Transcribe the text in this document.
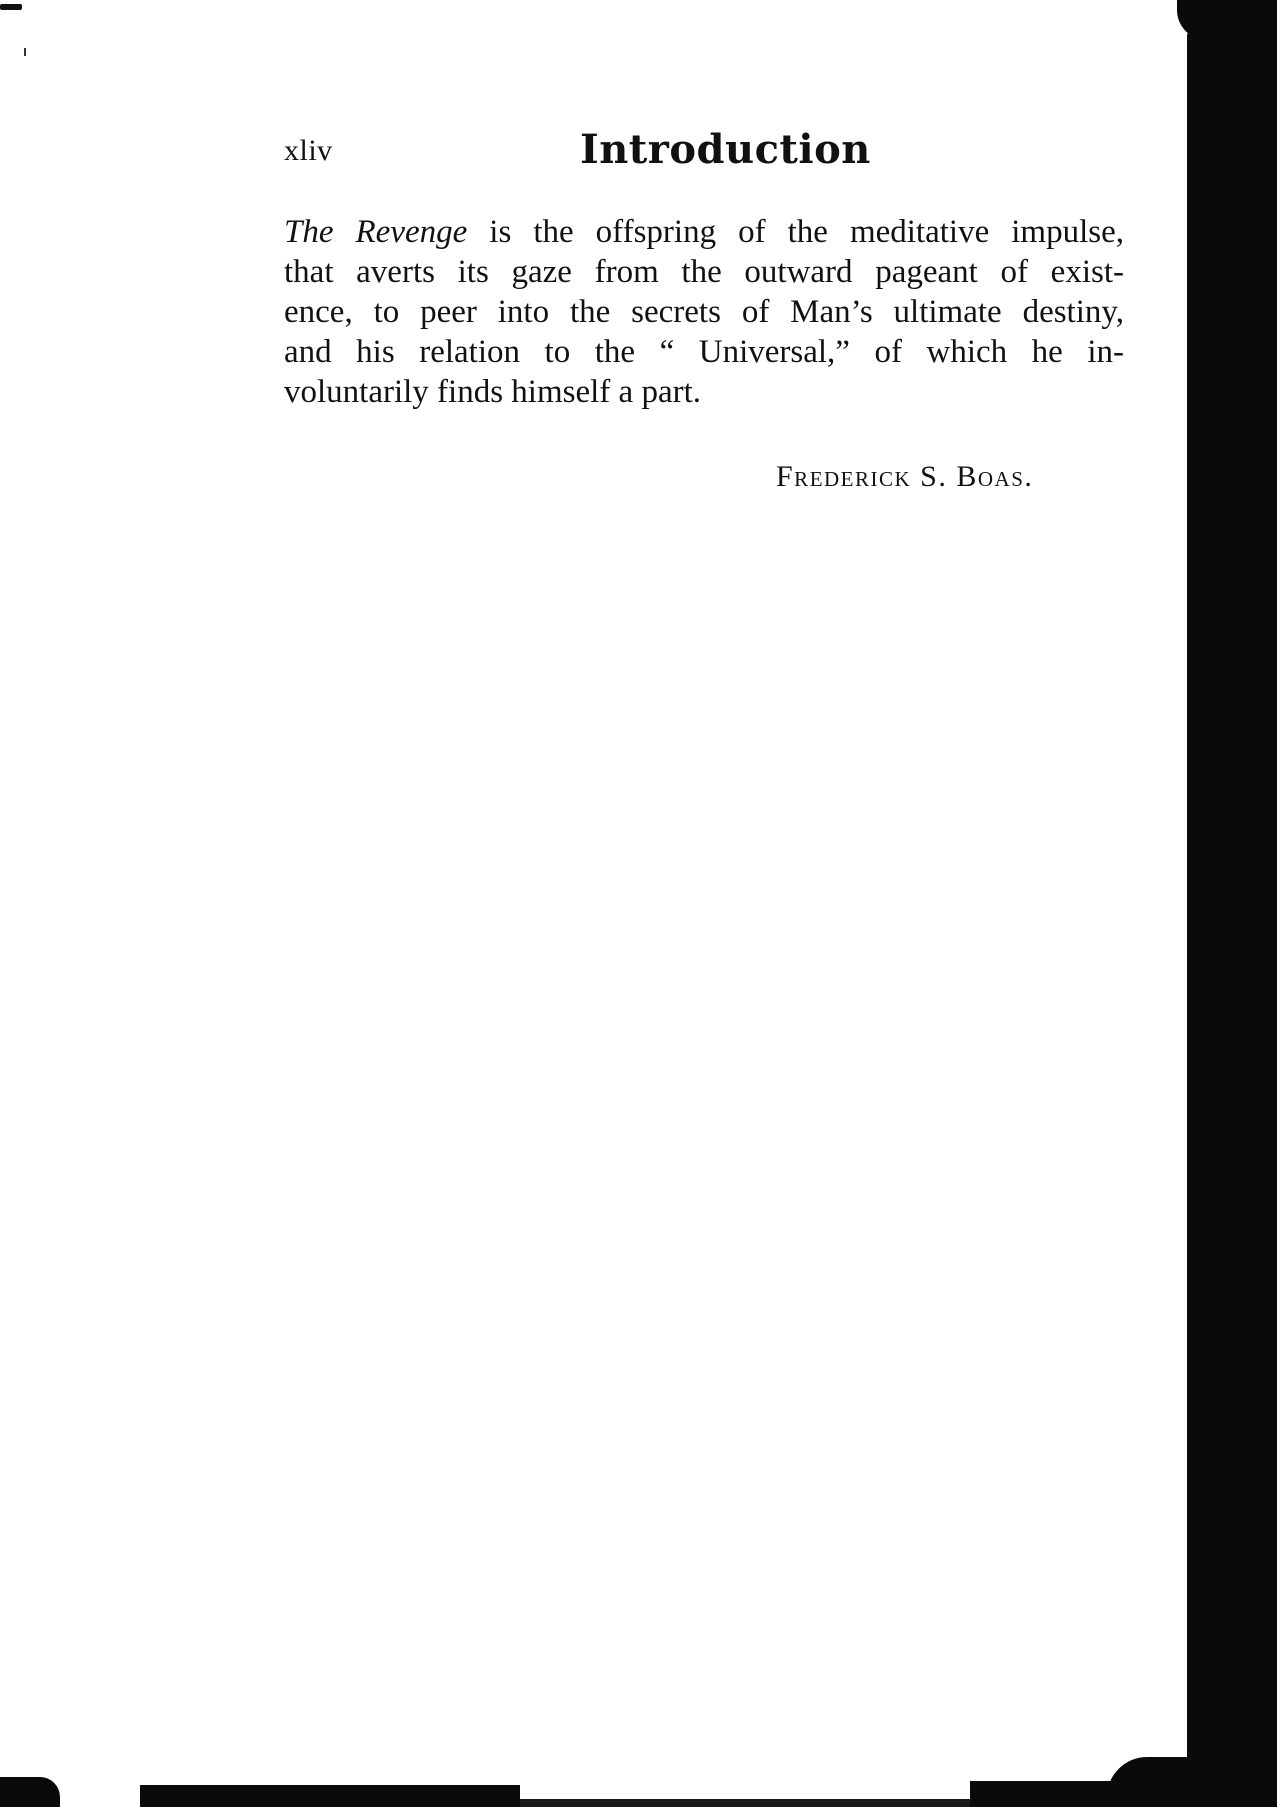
xliv	Introduction
The Revenge is the offspring of the meditative impulse,
that averts its gaze from the outward pageant of exist-
ence, to peer into the secrets of Man’s ultimate destiny,
and his relation to the “ Universal,” of which he in-
voluntarily finds himself a part.
Frederick S. Boas.
